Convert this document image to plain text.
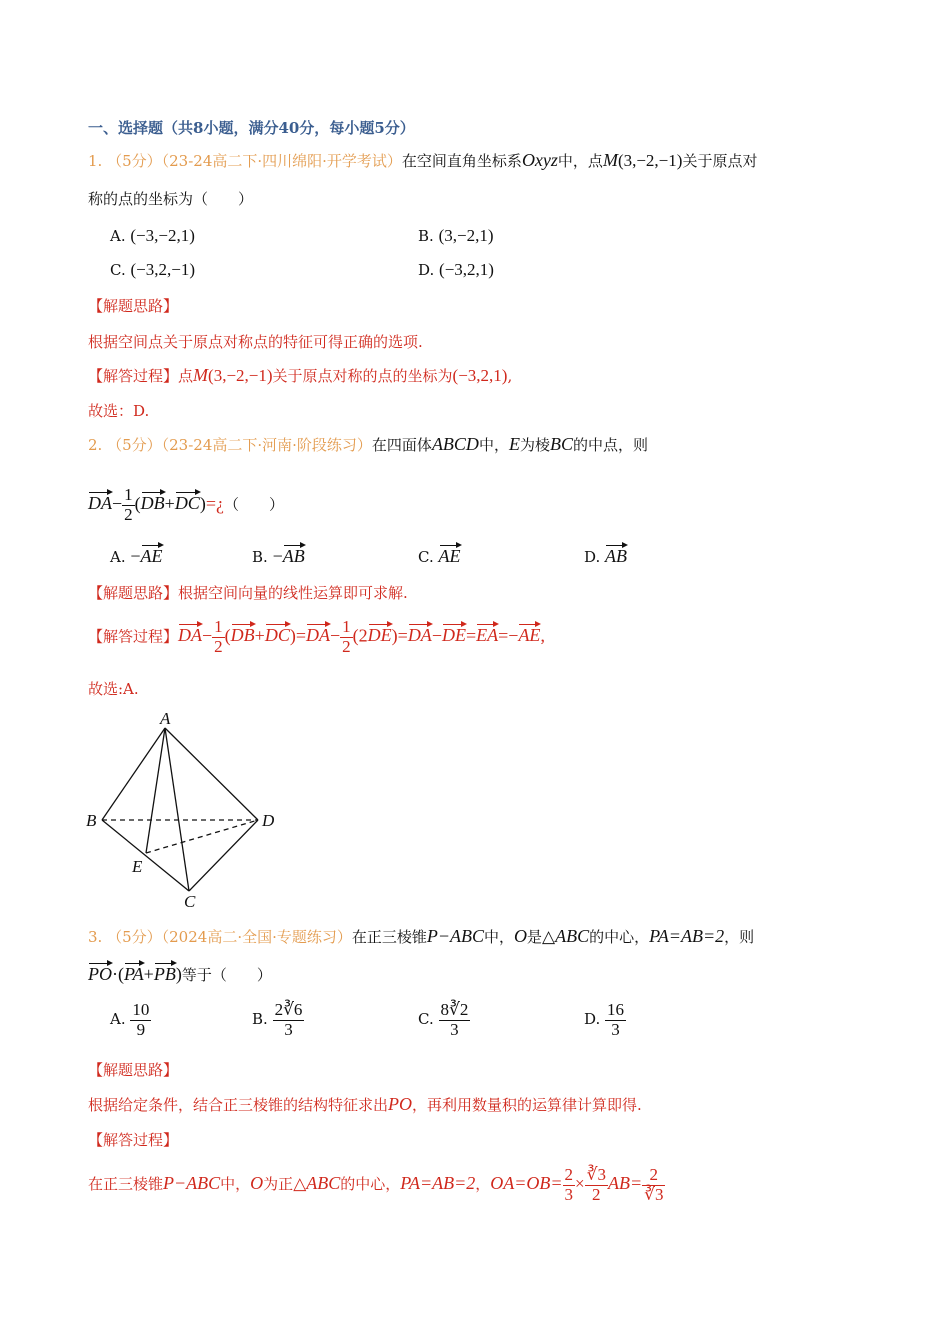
一、选择题（共8小题，满分40分，每小题5分）
1. （5分）（23-24高二下·四川绵阳·开学考试）在空间直角坐标系Oxyz中，点M(3,−2,−1)关于原点对
称的点的坐标为（　　）
A. (−3,−2,1)	B. (3,−2,1)
C. (−3,2,−1)	D. (−3,2,1)
【解题思路】
根据空间点关于原点对称点的特征可得正确的选项.
【解答过程】点M(3,−2,−1)关于原点对称的点的坐标为(−3,2,1),
故选：D.
2. （5分）（23-24高二下·河南·阶段练习）在四面体ABCD中，E为棱BC的中点，则
$DA- \frac{1}{2}$ (DB+DC)=¿（　　）
A. −AE	B. −AB	C. AE	D. AB
【解题思路】根据空间向量的线性运算即可求解.
【解答过程】$DA- \frac{1}{2} (DB+DC)=DA- \frac{1}{2} (2DE)=DA-DE=EA=-AE$,
故选:A.
A
B
C
D
E
3. （5分）（2024高二·全国·专题练习）在正三棱锥P−ABC中，O是△ABC的中心，PA=AB=2，则
PO·(PA+PB)等于（　　）
A. $\frac{10}{9}$	B. $\frac{2∛6}{3}$	C. $\frac{8∛2}{3}$	D. $\frac{16}{3}$
【解题思路】
根据给定条件，结合正三棱锥的结构特征求出PO，再利用数量积的运算律计算即得.
【解答过程】
在正三棱锥P−ABC中，O为正△ABC的中心，PA=AB=2，$OA=OB= \frac{2}{3} \times \frac{∛3}{2} AB= \frac{2}{∛3}$
